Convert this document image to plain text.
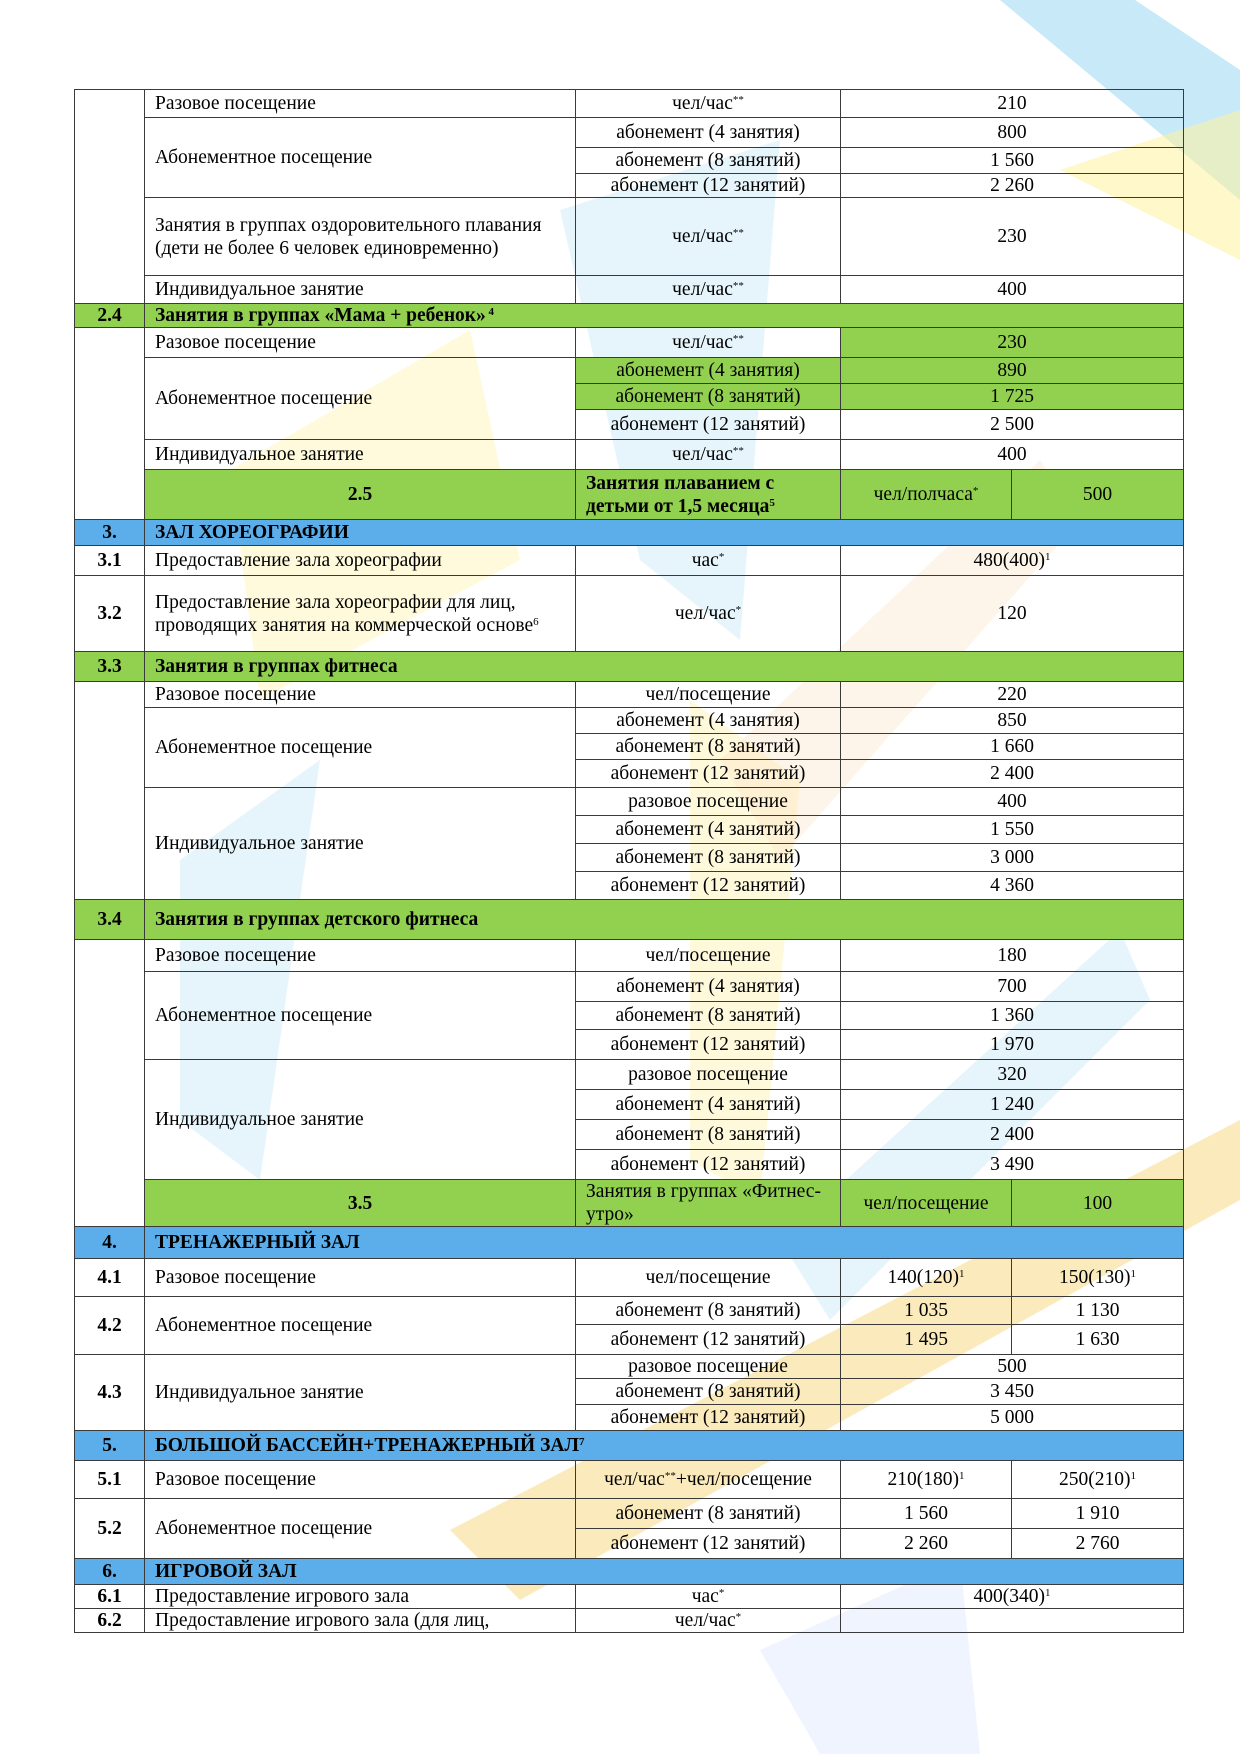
	Разовое посещение	чел/час**	210	
	Абонементное посещение	абонемент (4 занятия)	800	
		абонемент (8 занятий)	1 560	
		абонемент (12 занятий)	2 260	
	Занятия в группах оздоровительного плавания (дети не более 6 человек единовременно)	чел/час**	230	
	Индивидуальное занятие	чел/час**	400	
2.4	Занятия в группах «Мама + ребенок» $^4$
	Разовое посещение	чел/час**	230	
	Абонементное посещение	абонемент (4 занятия)	890	
		абонемент (8 занятий)	1 725	
		абонемент (12 занятий)	2 500	
	Индивидуальное занятие	чел/час**	400	
	2.5	Занятия плаванием с детьми от 1,5 месяца$^5$	чел/полчаса*	500
3.	ЗАЛ ХОРЕОГРАФИИ			
3.1	Предоставление зала хореографии	час*	$480(400)^1$
3.2	Предоставление зала хореографии для лиц, проводящих занятия на коммерческой основе$^6$	чел/час*	120	
3.3	Занятия в группах фитнеса			
	Разовое посещение	чел/посещение	220	
	Абонементное посещение	абонемент (4 занятия)	850	
		абонемент (8 занятий)	1 660	
		абонемент (12 занятий)	2 400	
	Индивидуальное занятие	разовое посещение	400	
		абонемент (4 занятий)	1 550	
		абонемент (8 занятий)	3 000	
		абонемент (12 занятий)	4 360	
3.4	Занятия в группах детского фитнеса			
	Разовое посещение	чел/посещение	180	
	Абонементное посещение	абонемент (4 занятия)	700	
		абонемент (8 занятий)	1 360	
		абонемент (12 занятий)	1 970	
	Индивидуальное занятие	разовое посещение	320	
		абонемент (4 занятий)	1 240	
		абонемент (8 занятий)	2 400	
		абонемент (12 занятий)	3 490	
	3.5	Занятия в группах «Фитнес-утро»	чел/посещение	100
4.	ТРЕНАЖЕРНЫЙ ЗАЛ			
4.1	Разовое посещение	чел/посещение	$140(120)^1$	$150(130)^1$
4.2	Абонементное посещение	абонемент (8 занятий)	1 035	1 130
		абонемент (12 занятий)	1 495	1 630
4.3	Индивидуальное занятие	разовое посещение	500	
		абонемент (8 занятий)	3 450	
		абонемент (12 занятий)	5 000	
5.	БОЛЬШОЙ БАССЕЙН+ТРЕНАЖЕРНЫЙ ЗАЛ$^7$
5.1	Разовое посещение	чел/час**+чел/посещение	$210(180)^1$	$250(210)^1$
5.2	Абонементное посещение	абонемент (8 занятий)	1 560	1 910
		абонемент (12 занятий)	2 260	2 760
6.	ИГРОВОЙ ЗАЛ			
6.1	Предоставление игрового зала	час*	$400(340)^1$
6.2	Предоставление игрового зала (для лиц,	чел/час*	
